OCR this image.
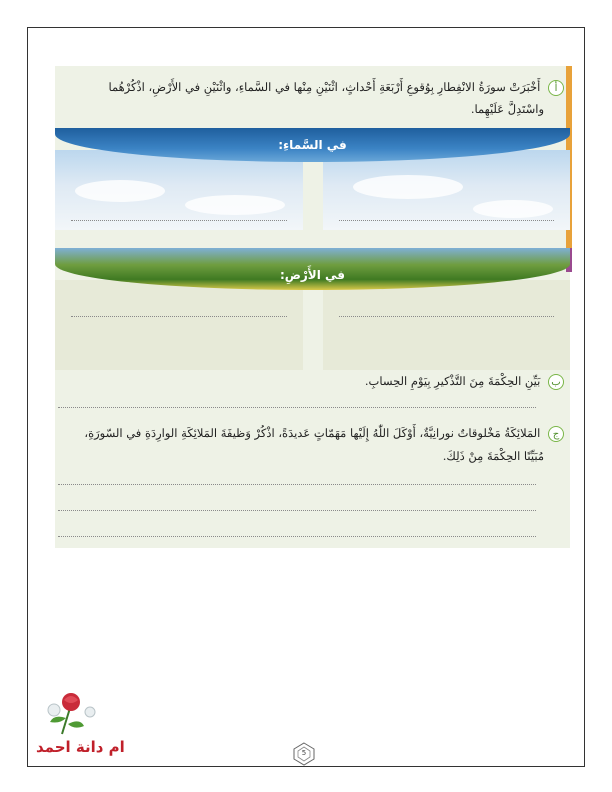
أ أَخْبَرَتْ سورَةُ الانْفِطارِ بِوُقوعِ أَرْبَعَةِ أَحْداثٍ، اثْنَيْنِ مِنْها في السَّماءِ، واثْنَيْنِ في الأَرْضِ، اذْكُرْهُما
واسْتَدِلَّ عَلَيْهِما.
في السَّماءِ:
في الأَرْضِ:
ب بَيِّنِ الحِكْمَةَ مِنَ التَّذْكيرِ بِيَوْمِ الحِسابِ.
ج المَلائِكَةُ مَخْلوقاتٌ نورانِيَّةٌ، أَوْكَلَ اللّٰهُ إِلَيْها مَهَمّاتٍ عَديدَةً، اذْكُرْ وَظيفَةَ المَلائِكَةِ الوارِدَةِ في السّورَةِ،
مُبَيِّنًا الحِكْمَةَ مِنْ ذَلِكَ.
ام دانة احمد	5
